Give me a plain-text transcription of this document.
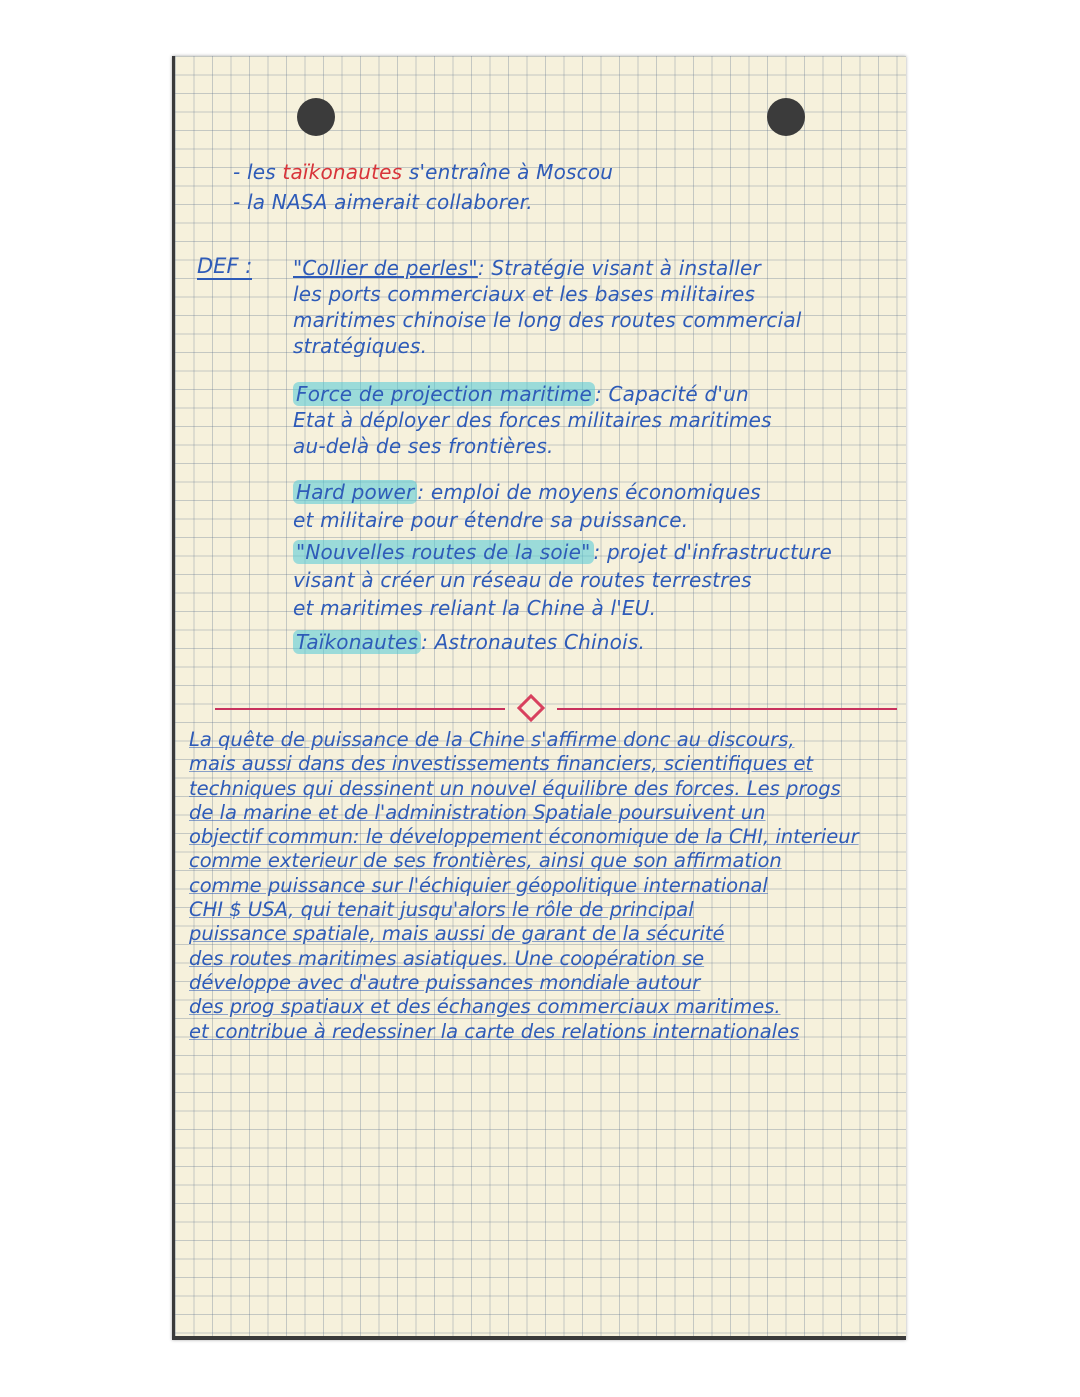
- les taïkonautes s'entraîne à Moscou
- la NASA aimerait collaborer.
DEF : "Collier de perles": Stratégie visant à installer
les ports commerciaux et les bases militaires
maritimes chinoise le long des routes commercial
stratégiques.
Force de projection maritime : Capacité d'un
Etat à déployer des forces militaires maritimes
au-delà de ses frontières.
Hard power : emploi de moyens économiques
et militaire pour étendre sa puissance.
"Nouvelles routes de la soie" : projet d'infrastructure
visant à créer un réseau de routes terrestres
et maritimes reliant la Chine à l'EU.
Taïkonautes : Astronautes Chinois.
La quête de puissance de la Chine s'affirme donc au discours,
mais aussi dans des investissements financiers, scientifiques et
techniques qui dessinent un nouvel équilibre des forces. Les progs
de la marine et de l'administration Spatiale poursuivent un
objectif commun: le développement économique de la CHI, interieur
comme exterieur de ses frontières, ainsi que son affirmation
comme puissance sur l'échiquier géopolitique international
CHI $ USA, qui tenait jusqu'alors le rôle de principal
puissance spatiale, mais aussi de garant de la sécurité
des routes maritimes asiatiques. Une coopération se
développe avec d'autre puissances mondiale autour
des prog spatiaux et des échanges commerciaux maritimes.
et contribue à redessiner la carte des relations internationales
